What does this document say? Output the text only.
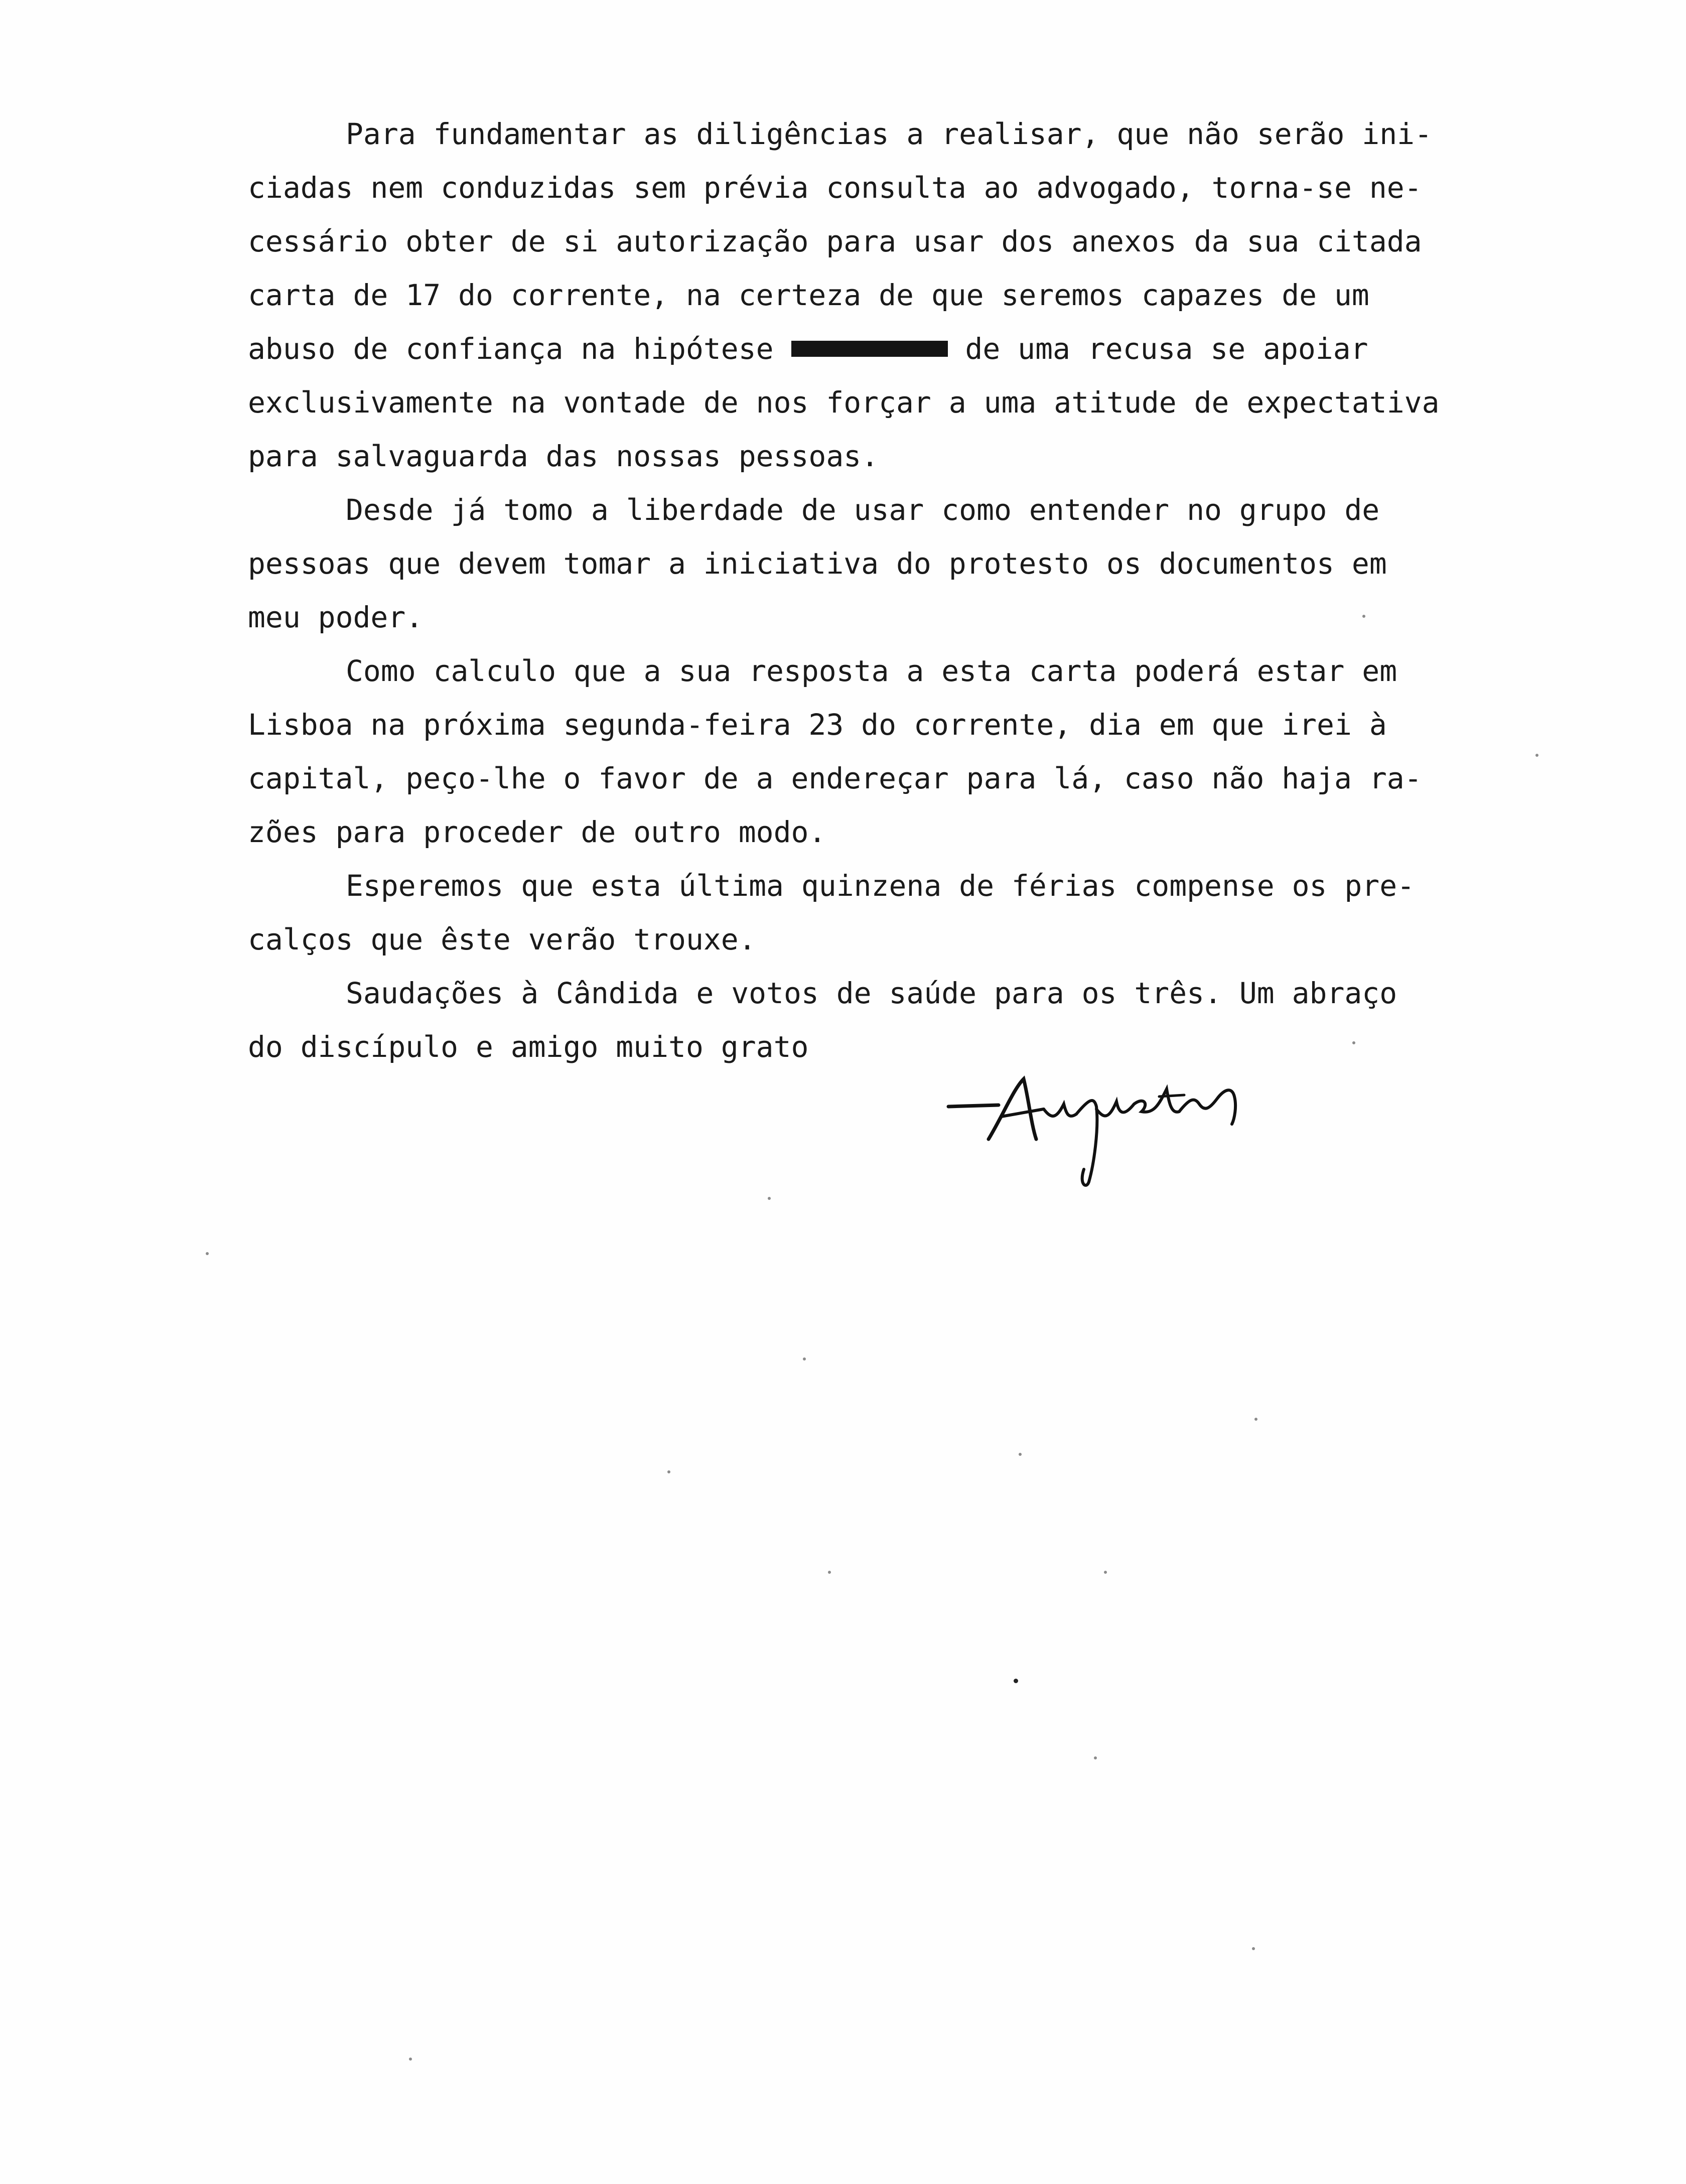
Para fundamentar as diligências a realisar, que não serão ini-
ciadas nem conduzidas sem prévia consulta ao advogado, torna-se ne-
cessário obter de si autorização para usar dos anexos da sua citada
carta de 17 do corrente, na certeza de que seremos capazes de um
abuso de confiança na hipótese	de uma recusa se apoiar
exclusivamente na vontade de nos forçar a uma atitude de expectativa
para salvaguarda das nossas pessoas.
Desde já tomo a liberdade de usar como entender no grupo de
pessoas que devem tomar a iniciativa do protesto os documentos em
meu poder.
Como calculo que a sua resposta a esta carta poderá estar em
Lisboa na próxima segunda-feira 23 do corrente, dia em que irei à
capital, peço-lhe o favor de a endereçar para lá, caso não haja ra-
zões para proceder de outro modo.
Esperemos que esta última quinzena de férias compense os pre-
calços que êste verão trouxe.
Saudações à Cândida e votos de saúde para os três. Um abraço
do discípulo e amigo muito grato
